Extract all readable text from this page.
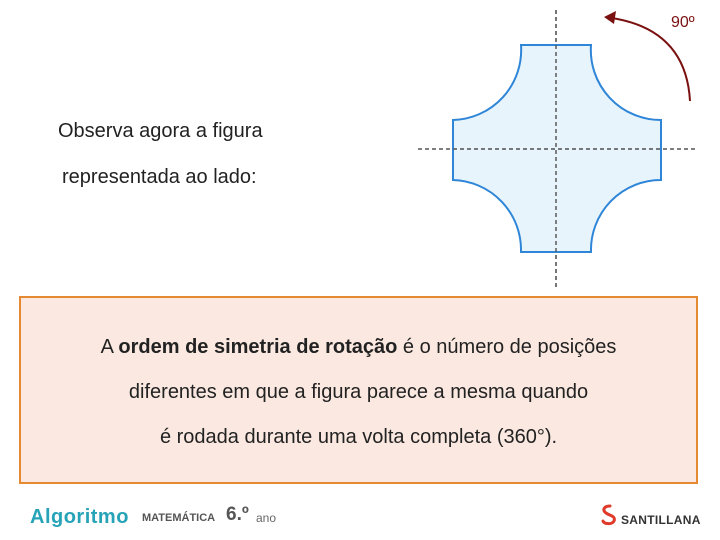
90º
Observa agora a figura
representada ao lado:
A ordem de simetria de rotação é o número de posições
diferentes em que a figura parece a mesma quando
é rodada durante uma volta completa (360°).
Algoritmo MATEMÁTICA 6.º ano	SANTILLANA
